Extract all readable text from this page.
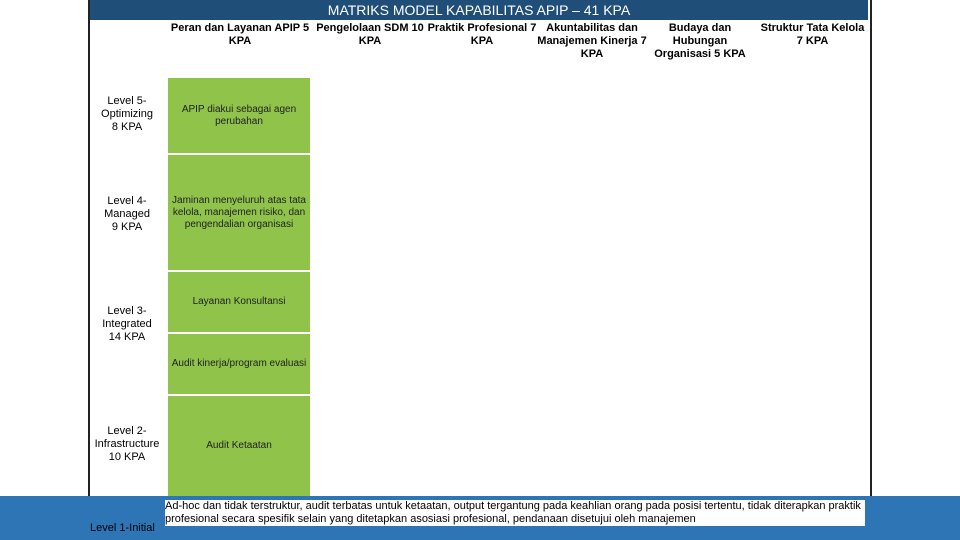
MATRIKS MODEL KAPABILITAS APIP – 41 KPA
Peran dan Layanan APIP 5 KPA
Pengelolaan SDM 10 KPA
Praktik Profesional 7 KPA
Akuntabilitas dan Manajemen Kinerja 7 KPA
Budaya dan Hubungan Organisasi 5 KPA
Struktur Tata Kelola 7 KPA
Level 5-
Optimizing
8 KPA
Level 4-
Managed
9 KPA
Level 3-
Integrated
14 KPA
Level 2-
Infrastructure
10 KPA
APIP diakui sebagai agen perubahan
Jaminan menyeluruh atas tata kelola, manajemen risiko, dan pengendalian organisasi
Layanan Konsultansi
Audit kinerja/program evaluasi
Audit Ketaatan
Ad-hoc dan tidak terstruktur, audit terbatas untuk ketaatan, output tergantung pada keahlian orang pada posisi tertentu, tidak diterapkan praktik profesional secara spesifik selain yang ditetapkan asosiasi profesional, pendanaan disetujui oleh manajemen
Level 1-Initial
